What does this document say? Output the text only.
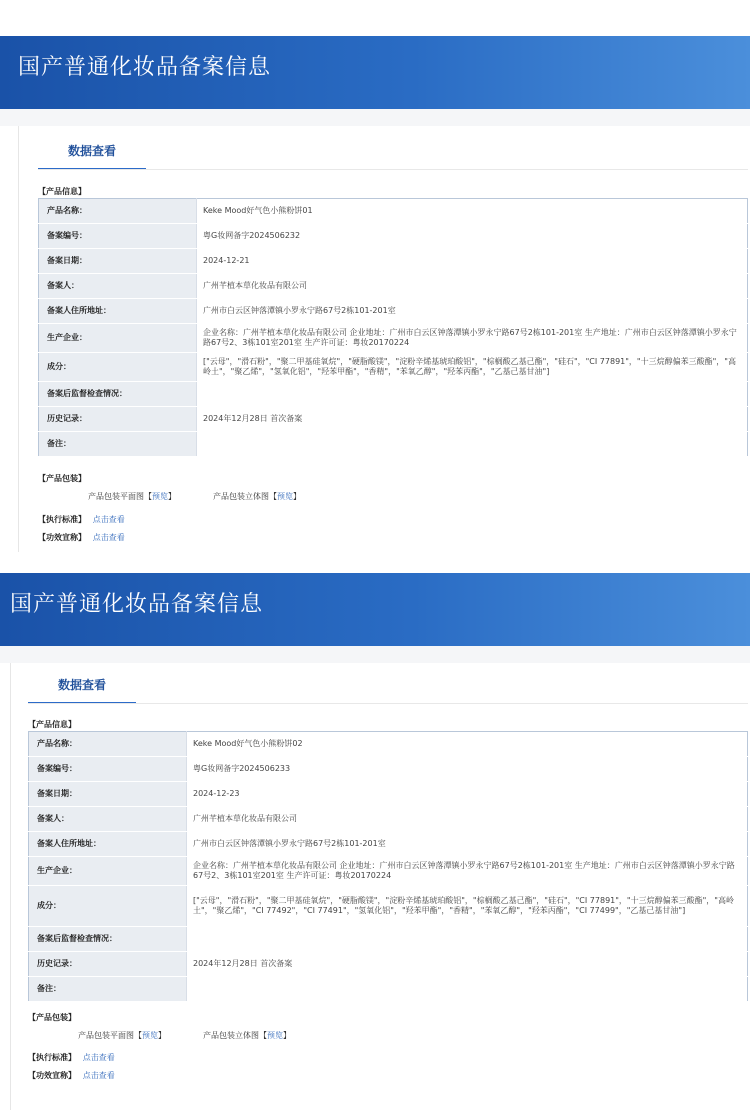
国产普通化妆品备案信息
数据查看
【产品信息】
产品名称：	Keke Mood好气色小熊粉饼01
备案编号：	粤G妆网备字2024506232
备案日期：	2024-12-21
备案人：	广州芊植本草化妆品有限公司
备案人住所地址：	广州市白云区钟落潭镇小罗永宁路67号2栋101-201室
生产企业：	企业名称：广州芊植本草化妆品有限公司 企业地址：广州市白云区钟落潭镇小罗永宁路67号2栋101-201室 生产地址：广州市白云区钟落潭镇小罗永宁路67号2、3栋101室201室 生产许可证：粤妆20170224
成分：	["云母"，"滑石粉"，"聚二甲基硅氧烷"，"硬脂酸镁"，"淀粉辛烯基琥珀酸铝"，"棕榈酸乙基己酯"，"硅石"，"CI 77891"，"十三烷醇偏苯三酸酯"，"高岭土"，"聚乙烯"，"氢氧化铝"，"羟苯甲酯"，"香精"，"苯氧乙醇"，"羟苯丙酯"，"乙基己基甘油"]
备案后监督检查情况：	
历史记录：	2024年12月28日 首次备案
备注：	
【产品包装】
产品包装平面图【预览】	产品包装立体图【预览】
【执行标准】 点击查看
【功效宣称】 点击查看
国产普通化妆品备案信息
数据查看
【产品信息】
产品名称：	Keke Mood好气色小熊粉饼02
备案编号：	粤G妆网备字2024506233
备案日期：	2024-12-23
备案人：	广州芊植本草化妆品有限公司
备案人住所地址：	广州市白云区钟落潭镇小罗永宁路67号2栋101-201室
生产企业：	企业名称：广州芊植本草化妆品有限公司 企业地址：广州市白云区钟落潭镇小罗永宁路67号2栋101-201室 生产地址：广州市白云区钟落潭镇小罗永宁路67号2、3栋101室201室 生产许可证：粤妆20170224
成分：	["云母"，"滑石粉"，"聚二甲基硅氧烷"，"硬脂酸镁"，"淀粉辛烯基琥珀酸铝"，"棕榈酸乙基己酯"，"硅石"，"CI 77891"，"十三烷醇偏苯三酸酯"，"高岭土"，"聚乙烯"，"CI 77492"，"CI 77491"，"氢氧化铝"，"羟苯甲酯"，"香精"，"苯氧乙醇"，"羟苯丙酯"，"CI 77499"，"乙基己基甘油"]
备案后监督检查情况：	
历史记录：	2024年12月28日 首次备案
备注：	
【产品包装】
产品包装平面图【预览】	产品包装立体图【预览】
【执行标准】 点击查看
【功效宣称】 点击查看
